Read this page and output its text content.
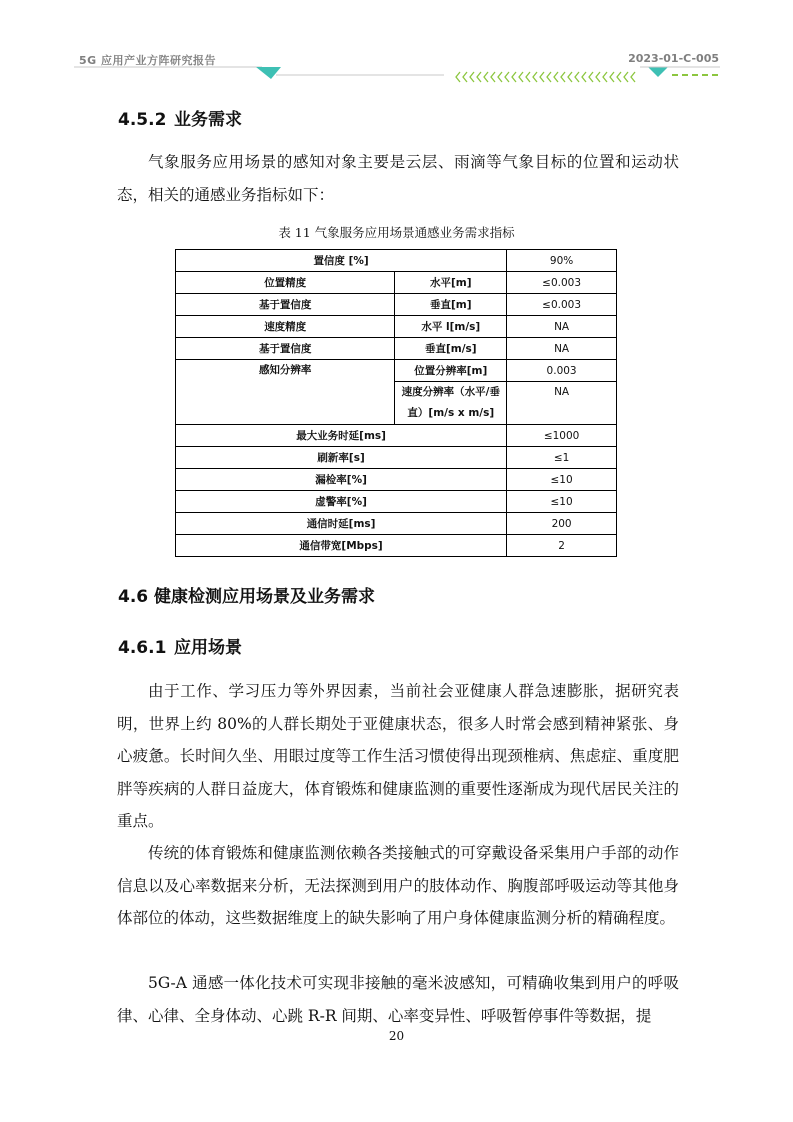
5G 应用产业方阵研究报告	2023-01-C-005
4.5.2 业务需求

气象服务应用场景的感知对象主要是云层、雨滴等气象目标的位置和运动状态，相关的通感业务指标如下：

表 11 气象服务应用场景通感业务需求指标
置信度 [%]		90%
位置精度	水平[m]	≤0.003
基于置信度	垂直[m]	≤0.003
速度精度	水平 l[m/s]	NA
基于置信度	垂直[m/s]	NA
感知分辨率	位置分辨率[m]	0.003

	速度分辨率（水平/垂
直）[m/s x m/s]	NA

最大业务时延[ms]		≤1000
刷新率[s]		≤1
漏检率[%]		≤10
虚警率[%]		≤10
通信时延[ms]		200
通信带宽[Mbps]		2
4.6 健康检测应用场景及业务需求
4.6.1 应用场景

由于工作、学习压力等外界因素，当前社会亚健康人群急速膨胀，据研究表明，世界上约 80%的人群长期处于亚健康状态，很多人时常会感到精神紧张、身心疲惫。长时间久坐、用眼过度等工作生活习惯使得出现颈椎病、焦虑症、重度肥胖等疾病的人群日益庞大，体育锻炼和健康监测的重要性逐渐成为现代居民关注的重点。

传统的体育锻炼和健康监测依赖各类接触式的可穿戴设备采集用户手部的动作信息以及心率数据来分析，无法探测到用户的肢体动作、胸腹部呼吸运动等其他身体部位的体动，这些数据维度上的缺失影响了用户身体健康监测分析的精确程度。

5G-A 通感一体化技术可实现非接触的毫米波感知，可精确收集到用户的呼吸律、心律、全身体动、心跳 R-R 间期、心率变异性、呼吸暂停事件等数据，提

20
